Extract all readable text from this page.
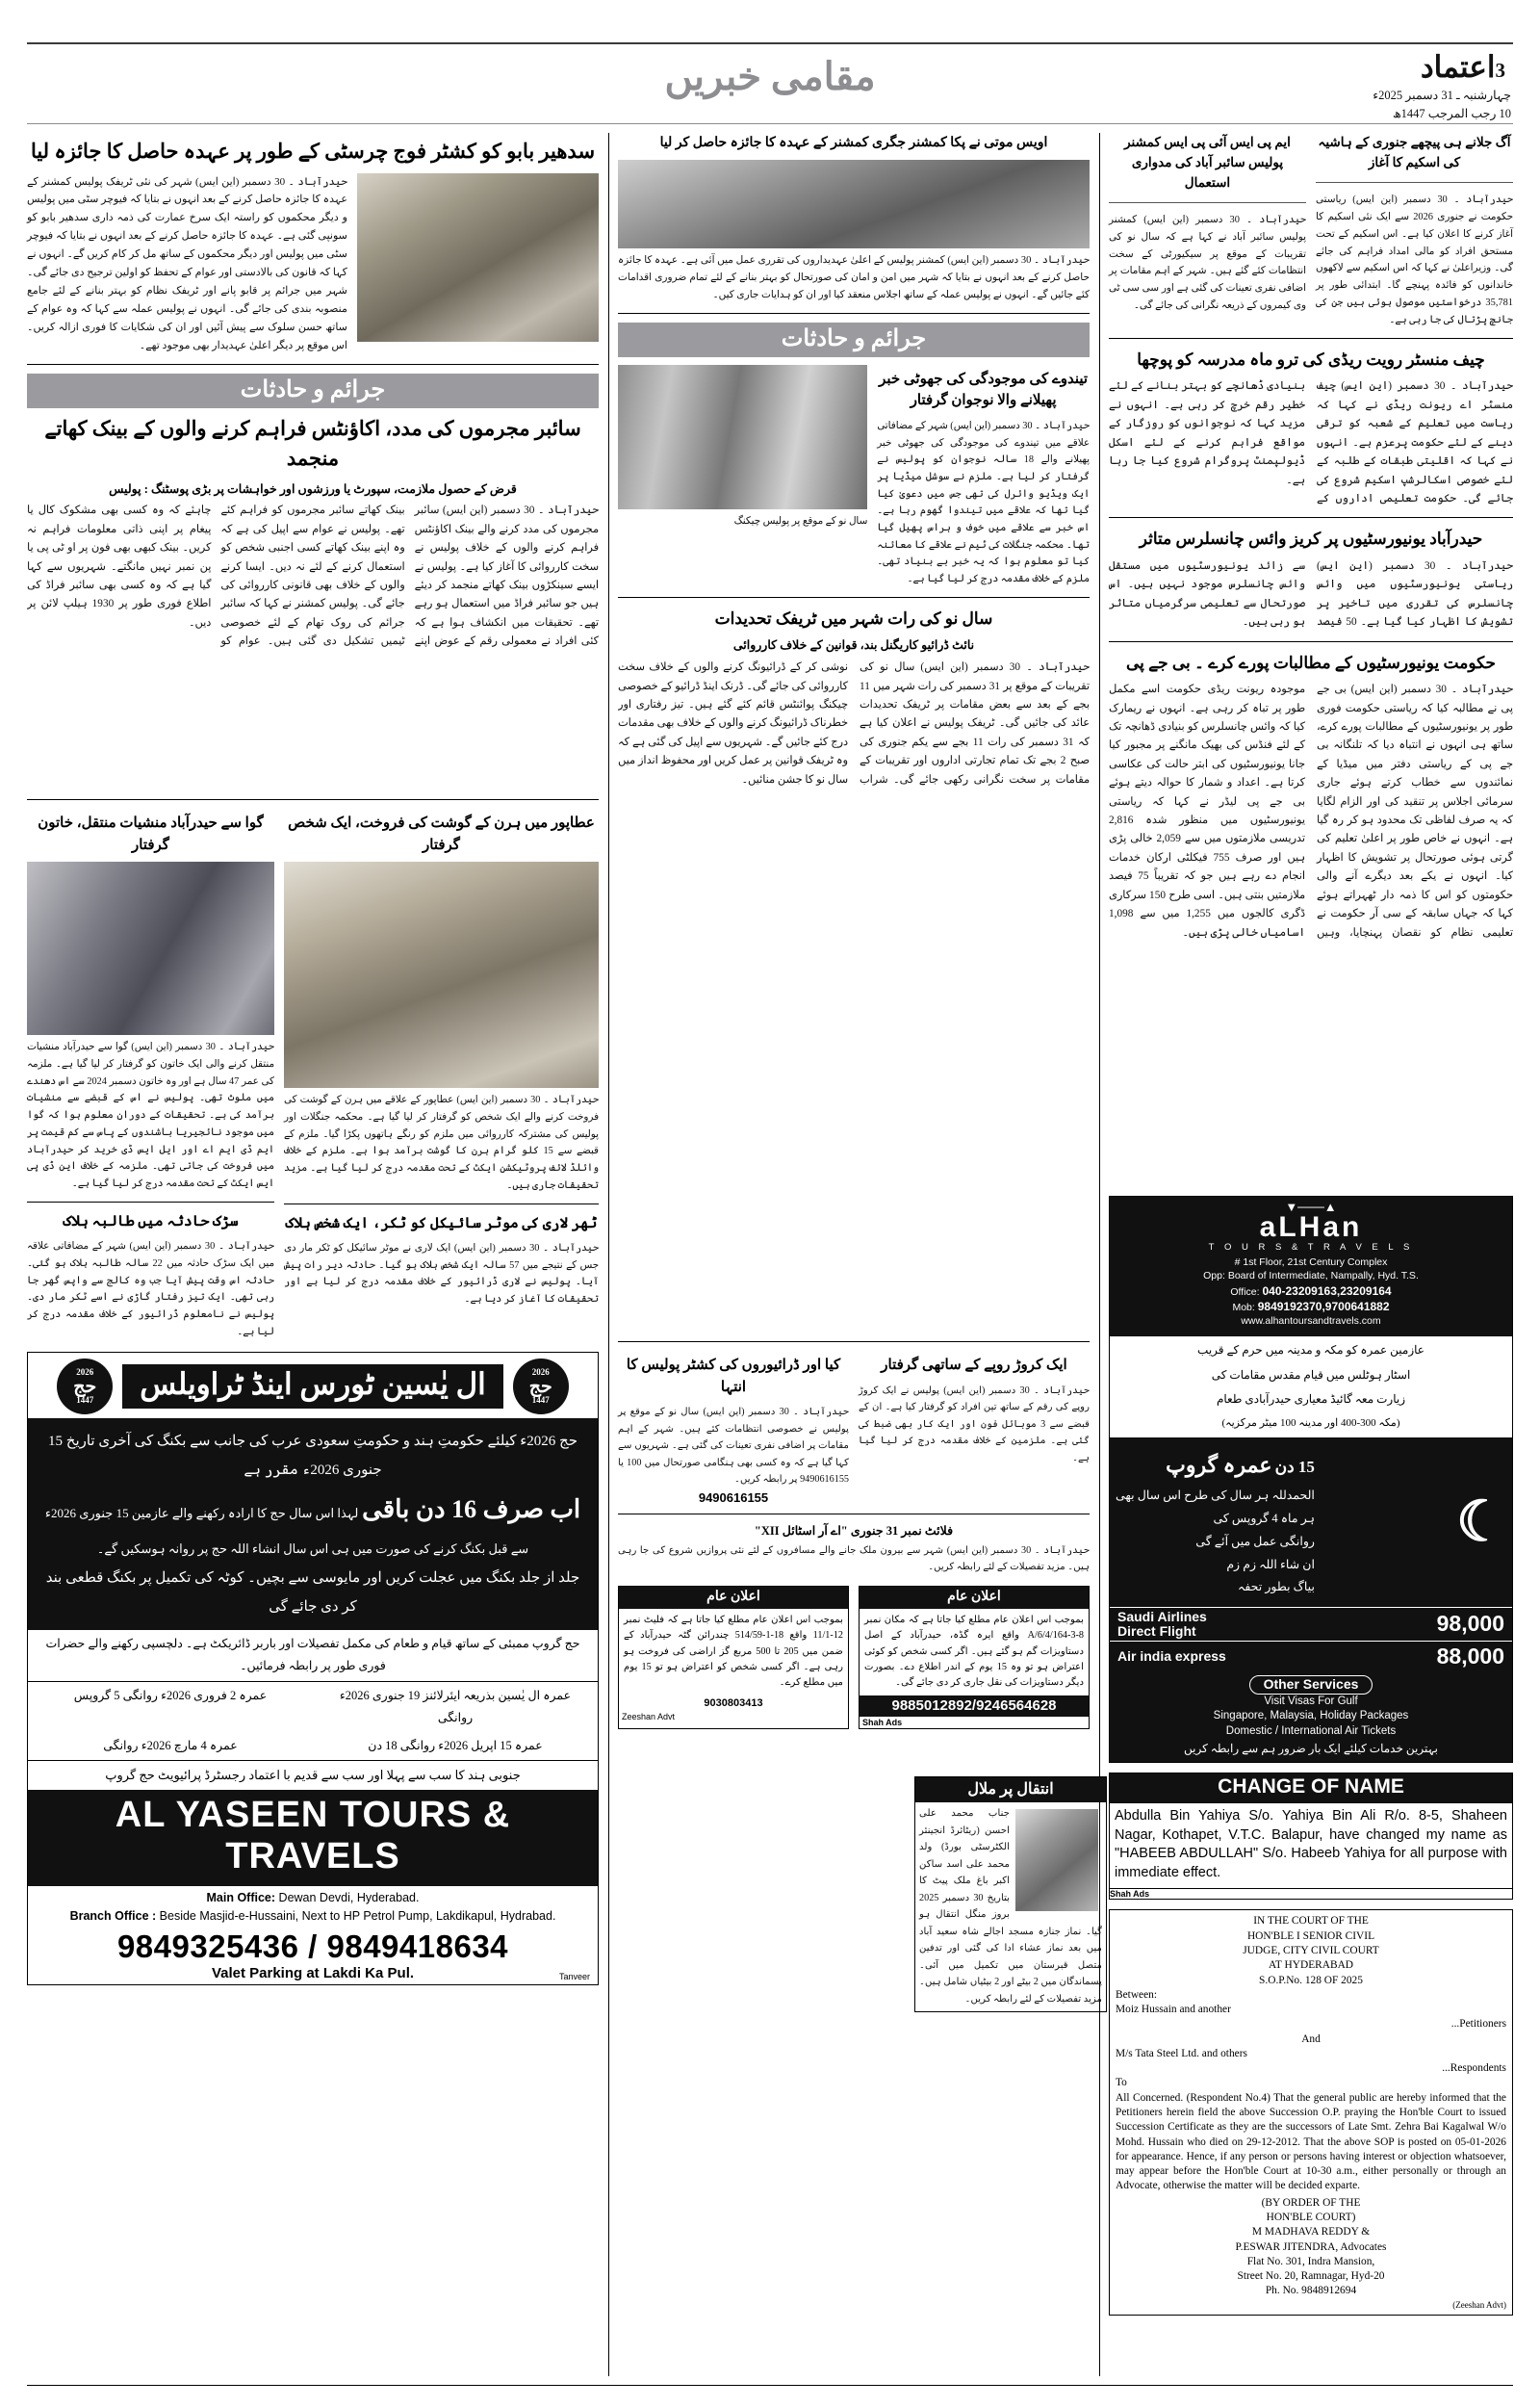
3اعتماد
چہارشنبہ ـ 31 دسمبر 2025ء
10 رجب المرجب 1447ھ
مقامی خبریں
آگ جلانے ہی پیچھے جنوری کے ہاشیہ کی اسکیم کا آغاز
حیدرآباد ۔ 30 دسمبر (این ایس) ریاستی حکومت نے جنوری 2026 سے ایک نئی اسکیم کا آغاز کرنے کا اعلان کیا ہے۔ اس اسکیم کے تحت مستحق افراد کو مالی امداد فراہم کی جائے گی۔ وزیراعلیٰ نے کہا کہ اس اسکیم سے لاکھوں خاندانوں کو فائدہ پہنچے گا۔ ابتدائی طور پر 35,781 درخواستیں موصول ہوئی ہیں جن کی جانچ پڑتال کی جا رہی ہے۔
ایم پی ایس آئی پی ایس کمشنر پولیس سائبر آباد کی مدواری استعمال
حیدرآباد ۔ 30 دسمبر (این ایس) کمشنر پولیس سائبر آباد نے کہا ہے کہ سال نو کی تقریبات کے موقع پر سیکیورٹی کے سخت انتظامات کئے گئے ہیں۔ شہر کے اہم مقامات پر اضافی نفری تعینات کی گئی ہے اور سی سی ٹی وی کیمروں کے ذریعہ نگرانی کی جائے گی۔
چیف منسٹر رویت ریڈی کی ترو ماہ مدرسہ کو پوچھا
حیدرآباد ۔ 30 دسمبر (این ایس) چیف منسٹر اے ریونت ریڈی نے کہا کہ ریاست میں تعلیم کے شعبہ کو ترقی دینے کے لئے حکومت پرعزم ہے۔ انہوں نے کہا کہ اقلیتی طبقات کے طلبہ کے لئے خصوصی اسکالرشپ اسکیم شروع کی جائے گی۔ حکومت تعلیمی اداروں کے بنیادی ڈھانچے کو بہتر بنانے کے لئے خطیر رقم خرچ کر رہی ہے۔ انہوں نے مزید کہا کہ نوجوانوں کو روزگار کے مواقع فراہم کرنے کے لئے اسکل ڈیولپمنٹ پروگرام شروع کیا جا رہا ہے۔
حیدرآباد یونیورسٹیوں پر کریز وائس چانسلرس متاثر
حیدرآباد ۔ 30 دسمبر (این ایس) ریاستی یونیورسٹیوں میں وائس چانسلرس کی تقرری میں تاخیر پر تشویش کا اظہار کیا گیا ہے۔ 50 فیصد سے زائد یونیورسٹیوں میں مستقل وائس چانسلرس موجود نہیں ہیں۔ اس صورتحال سے تعلیمی سرگرمیاں متاثر ہو رہی ہیں۔
حکومت یونیورسٹیوں کے مطالبات پورے کرے ۔ بی جے پی
حیدرآباد ۔ 30 دسمبر (این ایس) بی جے پی نے مطالبہ کیا کہ ریاستی حکومت فوری طور پر یونیورسٹیوں کے مطالبات پورے کرے، ساتھ ہی انہوں نے انتباہ دیا کہ تلنگانہ بی جے پی کے ریاستی دفتر میں میڈیا کے نمائندوں سے خطاب کرتے ہوئے جاری سرمائی اجلاس پر تنقید کی اور الزام لگایا کہ یہ صرف لفاظی تک محدود ہو کر رہ گیا ہے۔ انہوں نے خاص طور پر اعلیٰ تعلیم کی گرتی ہوئی صورتحال پر تشویش کا اظہار کیا۔ انہوں نے یکے بعد دیگرے آنے والی حکومتوں کو اس کا ذمہ دار ٹھہراتے ہوئے کہا کہ جہاں سابقہ کے سی آر حکومت نے تعلیمی نظام کو نقصان پہنچایا، وہیں موجودہ ریونت ریڈی حکومت اسے مکمل طور پر تباہ کر رہی ہے۔ انہوں نے ریمارک کیا کہ وائس چانسلرس کو بنیادی ڈھانچہ تک کے لئے فنڈس کی بھیک مانگنے پر مجبور کیا جانا یونیورسٹیوں کی ابتر حالت کی عکاسی کرتا ہے۔ اعداد و شمار کا حوالہ دیتے ہوئے بی جے پی لیڈر نے کہا کہ ریاستی یونیورسٹیوں میں منظور شدہ 2,816 تدریسی ملازمتوں میں سے 2,059 خالی پڑی ہیں اور صرف 755 فیکلٹی ارکان خدمات انجام دے رہے ہیں جو کہ تقریباً 75 فیصد ملازمتیں بنتی ہیں۔ اسی طرح 150 سرکاری ڈگری کالجوں میں 1,255 میں سے 1,098 اسامیاں خالی پڑی ہیں۔
▲───▼
aLHan
T O U R S & T R A V E L S
# 1st Floor, 21st Century Complex
Opp: Board of Intermediate, Nampally, Hyd. T.S.
Office: 040-23209163,23209164
Mob: 9849192370,9700641882
www.alhantoursandtravels.com
عازمین عمرہ کو مکہ و مدینہ میں حرم کے قریب
اسٹار ہوٹلس میں قیام مقدس مقامات کی
زیارت معہ گائیڈ معیاری حیدرآبادی طعام
(مکہ 300-400 اور مدینہ 100 میٹر مرکزیہ)
☾
15 دن عمرہ گروپ
الحمدللہ ہر سال کی طرح اس سال بھی
ہر ماہ 4 گروپس کی
روانگی عمل میں آئے گی
ان شاء اللہ زم زم
بیاگ بطور تحفہ
Saudi Airlines
Direct Flight	98,000
Air india express	88,000
Other Services
Visit Visas For Gulf
Singapore, Malaysia, Holiday Packages
Domestic / International Air Tickets
بہترین خدمات کیلئے ایک بار ضرور ہم سے رابطہ کریں
CHANGE OF NAME
Abdulla Bin Yahiya S/o. Yahiya Bin Ali R/o. 8-5, Shaheen Nagar, Kothapet, V.T.C. Balapur, have changed my name as "HABEEB ABDULLAH" S/o. Habeeb Yahiya for all purpose with immediate effect.
Shah Ads
IN THE COURT OF THE
HON'BLE I SENIOR CIVIL
JUDGE, CITY CIVIL COURT
AT HYDERABAD
S.O.P.No. 128 OF 2025
Between:
Moiz Hussain and another
...Petitioners
And
M/s Tata Steel Ltd. and others
...Respondents
To
All Concerned. (Respondent No.4) That the general public are hereby informed that the Petitioners herein field the above Succession O.P. praying the Hon'ble Court to issued Succession Certificate as they are the successors of Late Smt. Zehra Bai Kagalwal W/o Mohd. Hussain who died on 29-12-2012. That the above SOP is posted on 05-01-2026 for appearance. Hence, if any person or persons having interest or objection whatsoever, may appear before the Hon'ble Court at 10-30 a.m., either personally or through an Advocate, otherwise the matter will be decided exparte.
(BY ORDER OF THE
HON'BLE COURT)
M MADHAVA REDDY &
P.ESWAR JITENDRA, Advocates
Flat No. 301, Indra Mansion,
Street No. 20, Ramnagar, Hyd-20
Ph. No. 9848912694
(Zeeshan Advt)
اویس موتی نے پکا کمشنر جگری کمشنر کے عہدہ کا جائزہ حاصل کر لیا
حیدرآباد ۔ 30 دسمبر (این ایس) کمشنر پولیس کے اعلیٰ عہدیداروں کی تقرری عمل میں آئی ہے۔ عہدہ کا جائزہ حاصل کرنے کے بعد انہوں نے بتایا کہ شہر میں امن و امان کی صورتحال کو بہتر بنانے کے لئے تمام ضروری اقدامات کئے جائیں گے۔ انہوں نے پولیس عملہ کے ساتھ اجلاس منعقد کیا اور ان کو ہدایات جاری کیں۔
جرائم و حادثات
تیندوے کی موجودگی کی جھوٹی خبر پھیلانے والا نوجوان گرفتار
حیدرآباد ۔ 30 دسمبر (این ایس) شہر کے مضافاتی علاقے میں تیندوے کی موجودگی کی جھوٹی خبر پھیلانے والے 18 سالہ نوجوان کو پولیس نے گرفتار کر لیا ہے۔ ملزم نے سوشل میڈیا پر ایک ویڈیو وائرل کی تھی جس میں دعویٰ کیا گیا تھا کہ علاقے میں تیندوا گھوم رہا ہے۔ اس خبر سے علاقے میں خوف و ہراس پھیل گیا تھا۔ محکمہ جنگلات کی ٹیم نے علاقے کا معائنہ کیا تو معلوم ہوا کہ یہ خبر بے بنیاد تھی۔ ملزم کے خلاف مقدمہ درج کر لیا گیا ہے۔
سال نو کے موقع پر پولیس چیکنگ
سال نو کی رات شہر میں ٹریفک تحدیدات
نائٹ ڈرائیو کاریگنل بند، قوانین کے خلاف کارروائی
حیدرآباد ۔ 30 دسمبر (این ایس) سال نو کی تقریبات کے موقع پر 31 دسمبر کی رات شہر میں 11 بجے کے بعد سے بعض مقامات پر ٹریفک تحدیدات عائد کی جائیں گی۔ ٹریفک پولیس نے اعلان کیا ہے کہ 31 دسمبر کی رات 11 بجے سے یکم جنوری کی صبح 2 بجے تک تمام تجارتی اداروں اور تقریبات کے مقامات پر سخت نگرانی رکھی جائے گی۔ شراب نوشی کر کے ڈرائیونگ کرنے والوں کے خلاف سخت کارروائی کی جائے گی۔ ڈرنک اینڈ ڈرائیو کے خصوصی چیکنگ پوائنٹس قائم کئے گئے ہیں۔ تیز رفتاری اور خطرناک ڈرائیونگ کرنے والوں کے خلاف بھی مقدمات درج کئے جائیں گے۔ شہریوں سے اپیل کی گئی ہے کہ وہ ٹریفک قوانین پر عمل کریں اور محفوظ انداز میں سال نو کا جشن منائیں۔
ایک کروڑ روپے کے ساتھی گرفتار
حیدرآباد ۔ 30 دسمبر (این ایس) پولیس نے ایک کروڑ روپے کی رقم کے ساتھ تین افراد کو گرفتار کیا ہے۔ ان کے قبضے سے 3 موبائل فون اور ایک کار بھی ضبط کی گئی ہے۔ ملزمین کے خلاف مقدمہ درج کر لیا گیا ہے۔
کیا اور ڈرائیوروں کی کشٹر پولیس کا انتہا
حیدرآباد ۔ 30 دسمبر (این ایس) سال نو کے موقع پر پولیس نے خصوصی انتظامات کئے ہیں۔ شہر کے اہم مقامات پر اضافی نفری تعینات کی گئی ہے۔ شہریوں سے کہا گیا ہے کہ وہ کسی بھی ہنگامی صورتحال میں 100 یا 9490616155 پر رابطہ کریں۔
9490616155
فلائٹ نمبر 31 جنوری "اے آر اسٹائل XII"
حیدرآباد ۔ 30 دسمبر (این ایس) شہر سے بیرون ملک جانے والے مسافروں کے لئے نئی پروازیں شروع کی جا رہی ہیں۔ مزید تفصیلات کے لئے رابطہ کریں۔
اعلان عام
بموجب اس اعلان عام مطلع کیا جاتا ہے کہ مکان نمبر 8-3-164/A/6/4 واقع ایرہ گڈہ، حیدرآباد کے اصل دستاویزات گم ہو گئے ہیں۔ اگر کسی شخص کو کوئی اعتراض ہو تو وہ 15 یوم کے اندر اطلاع دے۔ بصورت دیگر دستاویزات کی نقل جاری کر دی جائے گی۔
9885012892/9246564628
Shah Ads
اعلان عام
بموجب اس اعلان عام مطلع کیا جاتا ہے کہ فلیٹ نمبر 12-11/1 واقع 18-1-514/59 چندرائن گٹہ حیدرآباد کے ضمن میں 205 تا 500 مربع گز اراضی کی فروخت ہو رہی ہے۔ اگر کسی شخص کو اعتراض ہو تو 15 یوم میں مطلع کرے۔
9030803413
Zeeshan Advt
سدھیر بابو کو کشٹر فوج چرسٹی کے طور پر عہدہ حاصل کا جائزہ لیا
حیدرآباد ۔ 30 دسمبر (این ایس) شہر کی نئی ٹریفک پولیس کمشنر کے عہدہ کا جائزہ حاصل کرنے کے بعد انہوں نے بتایا کہ فیوچر سٹی میں پولیس و دیگر محکموں کو راستہ ایک سرخ عمارت کی ذمہ داری سدھیر بابو کو سونپی گئی ہے۔ عہدہ کا جائزہ حاصل کرنے کے بعد انہوں نے بتایا کہ فیوچر سٹی میں پولیس اور دیگر محکموں کے ساتھ مل کر کام کریں گے۔ انہوں نے کہا کہ قانون کی بالادستی اور عوام کے تحفظ کو اولین ترجیح دی جائے گی۔ شہر میں جرائم پر قابو پانے اور ٹریفک نظام کو بہتر بنانے کے لئے جامع منصوبہ بندی کی جائے گی۔ انہوں نے پولیس عملہ سے کہا کہ وہ عوام کے ساتھ حسن سلوک سے پیش آئیں اور ان کی شکایات کا فوری ازالہ کریں۔ اس موقع پر دیگر اعلیٰ عہدیدار بھی موجود تھے۔
جرائم و حادثات
سائبر مجرموں کی مدد، اکاؤنٹس فراہم کرنے والوں کے بینک کھاتے منجمد
قرض کے حصول ملازمت، سپورٹ یا ورزشوں اور خواہشات پر بڑی پوسٹنگ : پولیس
حیدرآباد ۔ 30 دسمبر (این ایس) سائبر مجرموں کی مدد کرنے والے بینک اکاؤنٹس فراہم کرنے والوں کے خلاف پولیس نے سخت کارروائی کا آغاز کیا ہے۔ پولیس نے ایسے سینکڑوں بینک کھاتے منجمد کر دیئے ہیں جو سائبر فراڈ میں استعمال ہو رہے تھے۔ تحقیقات میں انکشاف ہوا ہے کہ کئی افراد نے معمولی رقم کے عوض اپنے بینک کھاتے سائبر مجرموں کو فراہم کئے تھے۔ پولیس نے عوام سے اپیل کی ہے کہ وہ اپنے بینک کھاتے کسی اجنبی شخص کو استعمال کرنے کے لئے نہ دیں۔ ایسا کرنے والوں کے خلاف بھی قانونی کارروائی کی جائے گی۔ پولیس کمشنر نے کہا کہ سائبر جرائم کی روک تھام کے لئے خصوصی ٹیمیں تشکیل دی گئی ہیں۔ عوام کو چاہئے کہ وہ کسی بھی مشکوک کال یا پیغام پر اپنی ذاتی معلومات فراہم نہ کریں۔ بینک کبھی بھی فون پر او ٹی پی یا پن نمبر نہیں مانگتے۔ شہریوں سے کہا گیا ہے کہ وہ کسی بھی سائبر فراڈ کی اطلاع فوری طور پر 1930 ہیلپ لائن پر دیں۔
عطاپور میں ہرن کے گوشت کی فروخت، ایک شخص گرفتار
حیدرآباد ۔ 30 دسمبر (این ایس) عطاپور کے علاقے میں ہرن کے گوشت کی فروخت کرنے والے ایک شخص کو گرفتار کر لیا گیا ہے۔ محکمہ جنگلات اور پولیس کی مشترکہ کارروائی میں ملزم کو رنگے ہاتھوں پکڑا گیا۔ ملزم کے قبضے سے 15 کلو گرام ہرن کا گوشت برآمد ہوا ہے۔ ملزم کے خلاف وائلڈ لائف پروٹیکشن ایکٹ کے تحت مقدمہ درج کر لیا گیا ہے۔ مزید تحقیقات جاری ہیں۔
ٹھر لاری کی موٹر سائیکل کو ٹکر، ایک شخص ہلاک
حیدرآباد ۔ 30 دسمبر (این ایس) ایک لاری نے موٹر سائیکل کو ٹکر مار دی جس کے نتیجے میں 57 سالہ ایک شخص ہلاک ہو گیا۔ حادثہ دیر رات پیش آیا۔ پولیس نے لاری ڈرائیور کے خلاف مقدمہ درج کر لیا ہے اور تحقیقات کا آغاز کر دیا ہے۔
گوا سے حیدرآباد منشیات منتقل، خاتون گرفتار
حیدرآباد ۔ 30 دسمبر (این ایس) گوا سے حیدرآباد منشیات منتقل کرنے والی ایک خاتون کو گرفتار کر لیا گیا ہے۔ ملزمہ کی عمر 47 سال ہے اور وہ خاتون دسمبر 2024 سے اس دھندے میں ملوث تھی۔ پولیس نے اس کے قبضے سے منشیات برآمد کی ہے۔ تحقیقات کے دوران معلوم ہوا کہ گوا میں موجود نائجیریا باشندوں کے پاس سے کم قیمت پر ایم ڈی ایم اے اور ایل ایس ڈی خرید کر حیدرآباد میں فروخت کی جاتی تھی۔ ملزمہ کے خلاف این ڈی پی ایس ایکٹ کے تحت مقدمہ درج کر لیا گیا ہے۔
سڑک حادثہ میں طالبہ ہلاک
حیدرآباد ۔ 30 دسمبر (این ایس) شہر کے مضافاتی علاقہ میں ایک سڑک حادثہ میں 22 سالہ طالبہ ہلاک ہو گئی۔ حادثہ اس وقت پیش آیا جب وہ کالج سے واپس گھر جا رہی تھی۔ ایک تیز رفتار گاڑی نے اسے ٹکر مار دی۔ پولیس نے نامعلوم ڈرائیور کے خلاف مقدمہ درج کر لیا ہے۔
2026
حج
1447
ال یٰسین ٹورس اینڈ ٹراویلس
2026
حج
1447
حج 2026ء کیلئے حکومتِ ہند و حکومتِ سعودی عرب کی جانب سے بکنگ کی آخری تاریخ 15 جنوری 2026ء مقرر ہے
اب صرف 16 دن باقی لہذا اس سال حج کا ارادہ رکھنے والے عازمین 15 جنوری 2026ء سے قبل بکنگ کرنے کی صورت میں ہی اس سال انشاء اللہ حج پر روانہ ہوسکیں گے۔
جلد از جلد بکنگ میں عجلت کریں اور مایوسی سے بچیں۔ کوٹہ کی تکمیل پر بکنگ قطعی بند کر دی جائے گی
حج گروپ ممبئی کے ساتھ قیام و طعام کی مکمل تفصیلات اور باربر ڈائریکٹ ہے۔ دلچسپی رکھنے والے حضرات فوری طور پر رابطہ فرمائیں۔
عمرہ ال یٰسین بذریعہ ایئرلائنز 19 جنوری 2026ء روانگی
عمرہ 2 فروری 2026ء روانگی 5 گروپس
عمرہ 15 اپریل 2026ء روانگی 18 دن
عمرہ 4 مارچ 2026ء روانگی
جنوبی ہند کا سب سے پہلا اور سب سے قدیم با اعتماد رجسٹرڈ پرائیویٹ حج گروپ
AL YASEEN TOURS & TRAVELS
Main Office: Dewan Devdi, Hyderabad.
Branch Office : Beside Masjid-e-Hussaini, Next to HP Petrol Pump, Lakdikapul, Hydrabad.
9849325436 / 9849418634
Valet Parking at Lakdi Ka Pul.	Tanveer
انتقال پر ملال
جناب محمد علی احسن (ریٹائرڈ انجینئر الکٹرسٹی بورڈ) ولد محمد علی اسد ساکن اکبر باغ ملک پیٹ کا بتاریخ 30 دسمبر 2025 بروز منگل انتقال ہو گیا۔ نماز جنازہ مسجد اجالے شاہ سعید آباد میں بعد نماز عشاء ادا کی گئی اور تدفین متصل قبرستان میں تکمیل میں آئی۔ پسماندگان میں 2 بیٹے اور 2 بیٹیاں شامل ہیں۔ مزید تفصیلات کے لئے رابطہ کریں۔
